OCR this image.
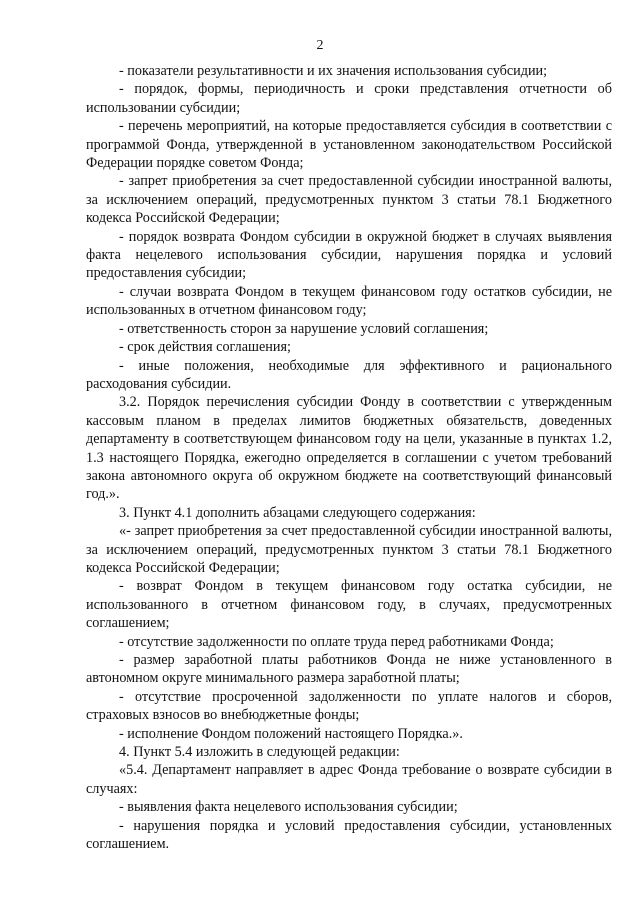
2

- показатели результативности и их значения использования субсидии;

- порядок, формы, периодичность и сроки представления отчетности об использовании субсидии;

- перечень мероприятий, на которые предоставляется субсидия в соответствии с программой Фонда, утвержденной в установленном законодательством Российской Федерации порядке советом Фонда;

- запрет приобретения за счет предоставленной субсидии иностранной валюты, за исключением операций, предусмотренных пунктом 3 статьи 78.1 Бюджетного кодекса Российской Федерации;

- порядок возврата Фондом субсидии в окружной бюджет в случаях выявления факта нецелевого использования субсидии, нарушения порядка и условий предоставления субсидии;

- случаи возврата Фондом в текущем финансовом году остатков субсидии, не использованных в отчетном финансовом году;

- ответственность сторон за нарушение условий соглашения;

- срок действия соглашения;

- иные положения, необходимые для эффективного и рационального расходования субсидии.

3.2. Порядок перечисления субсидии Фонду в соответствии с утвержденным кассовым планом в пределах лимитов бюджетных обязательств, доведенных департаменту в соответствующем финансовом году на цели, указанные в пунктах 1.2, 1.3 настоящего Порядка, ежегодно определяется в соглашении с учетом требований закона автономного округа об окружном бюджете на соответствующий финансовый год.».

3. Пункт 4.1 дополнить абзацами следующего содержания:

«- запрет приобретения за счет предоставленной субсидии иностранной валюты, за исключением операций, предусмотренных пунктом 3 статьи 78.1 Бюджетного кодекса Российской Федерации;

- возврат Фондом в текущем финансовом году остатка субсидии, не использованного в отчетном финансовом году, в случаях, предусмотренных соглашением;

- отсутствие задолженности по оплате труда перед работниками Фонда;

- размер заработной платы работников Фонда не ниже установленного в автономном округе минимального размера заработной платы;

- отсутствие просроченной задолженности по уплате налогов и сборов, страховых взносов во внебюджетные фонды;

- исполнение Фондом положений настоящего Порядка.».

4. Пункт 5.4 изложить в следующей редакции:

«5.4. Департамент направляет в адрес Фонда требование о возврате субсидии в случаях:

- выявления факта нецелевого использования субсидии;

- нарушения порядка и условий предоставления субсидии, установленных соглашением.
